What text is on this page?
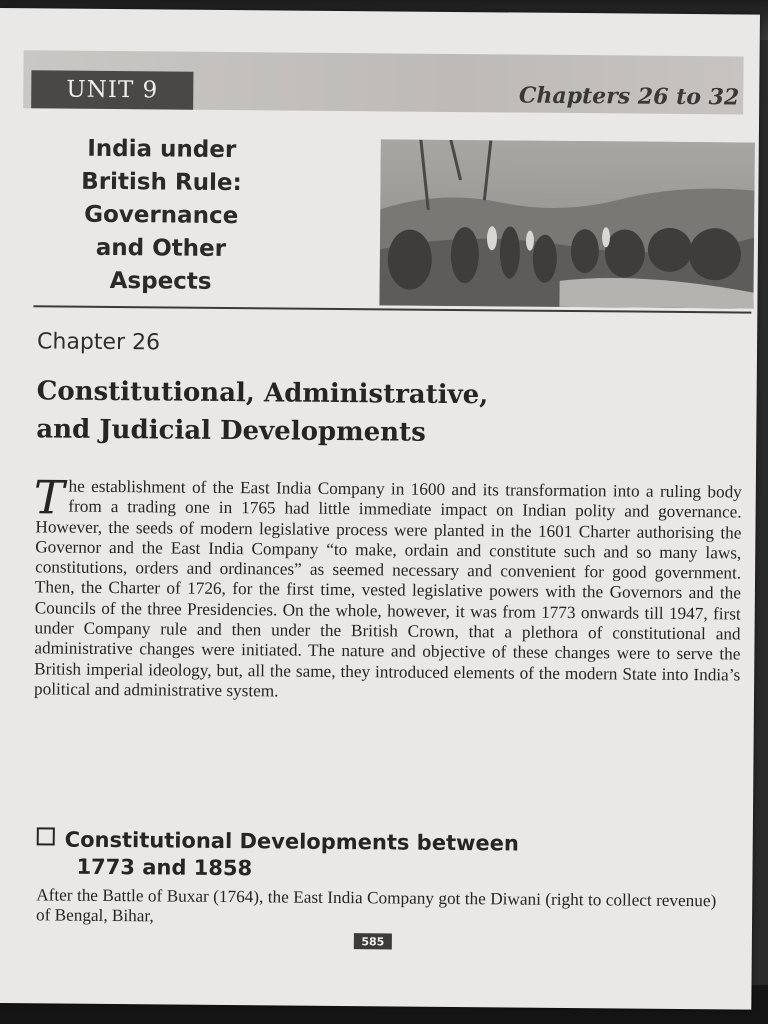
UNIT 9	Chapters 26 to 32
India under
British Rule:
Governance
and Other
Aspects
Chapter 26
Constitutional, Administrative,
and Judicial Developments

The establishment of the East India Company in 1600 and its transformation into a ruling body from a trading one in 1765 had little immediate impact on Indian polity and governance. However, the seeds of modern legislative process were planted in the 1601 Charter authorising the Governor and the East India Company “to make, ordain and constitute such and so many laws, constitutions, orders and ordinances” as seemed necessary and convenient for good government. Then, the Charter of 1726, for the first time, vested legislative powers with the Governors and the Councils of the three Presidencies. On the whole, however, it was from 1773 onwards till 1947, first under Company rule and then under the British Crown, that a plethora of constitutional and administrative changes were initiated. The nature and objective of these changes were to serve the British imperial ideology, but, all the same, they introduced elements of the modern State into India’s political and administrative system.

Constitutional Developments between
1773 and 1858

After the Battle of Buxar (1764), the East India Company got the Diwani (right to collect revenue) of Bengal, Bihar,

585
